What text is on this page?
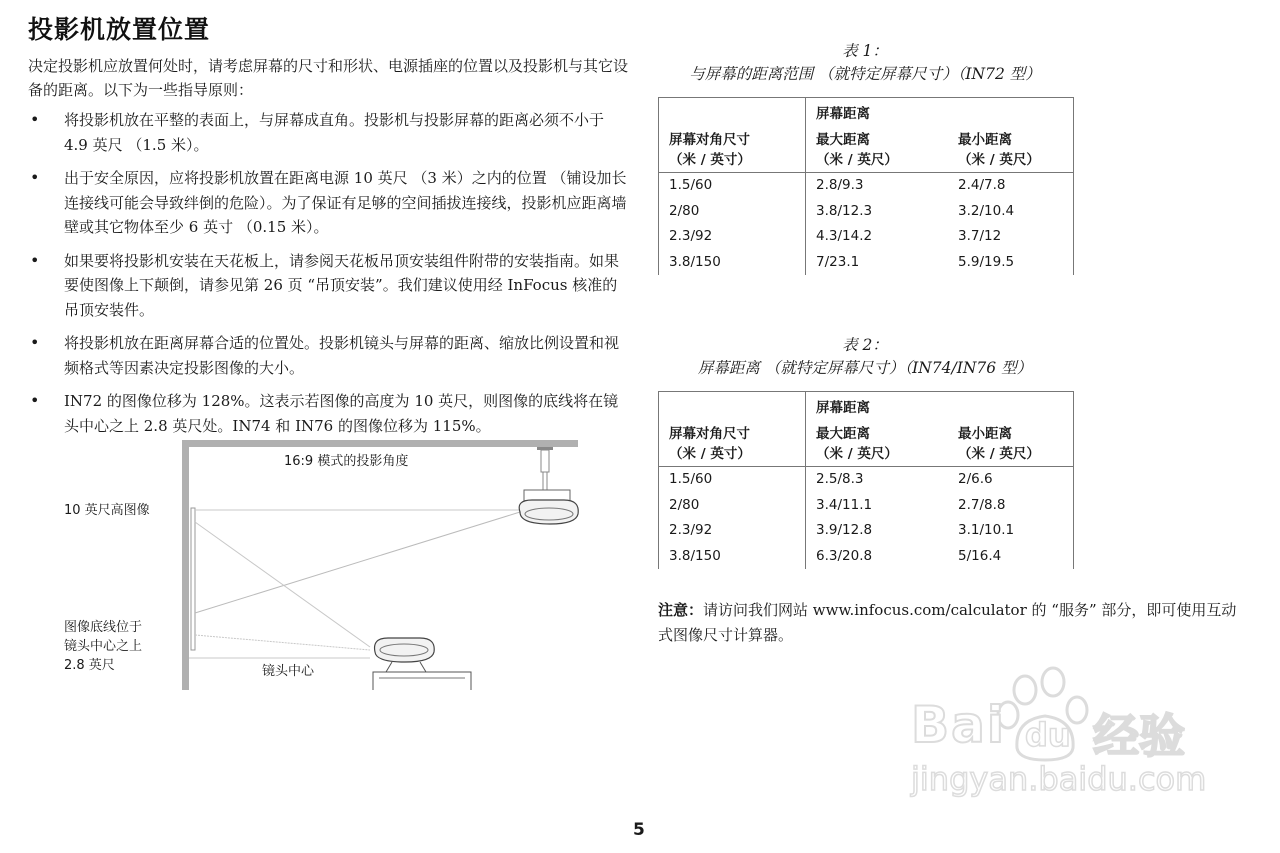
投影机放置位置
决定投影机应放置何处时，请考虑屏幕的尺寸和形状、电源插座的位置以及投影机与其它设备的距离。以下为一些指导原则：
• 将投影机放在平整的表面上，与屏幕成直角。投影机与投影屏幕的距离必须不小于 4.9 英尺 （1.5 米）。
• 出于安全原因，应将投影机放置在距离电源 10 英尺 （3 米）之内的位置 （铺设加长连接线可能会导致绊倒的危险）。为了保证有足够的空间插拔连接线，投影机应距离墙壁或其它物体至少 6 英寸 （0.15 米）。
• 如果要将投影机安装在天花板上，请参阅天花板吊顶安装组件附带的安装指南。如果要使图像上下颠倒，请参见第 26 页 “吊顶安装”。我们建议使用经 InFocus 核准的吊顶安装件。
• 将投影机放在距离屏幕合适的位置处。投影机镜头与屏幕的距离、缩放比例设置和视频格式等因素决定投影图像的大小。
• IN72 的图像位移为 128%。这表示若图像的高度为 10 英尺，则图像的底线将在镜头中心之上 2.8 英尺处。IN74 和 IN76 的图像位移为 115%。
16:9 模式的投影角度
10 英尺高图像
图像底线位于
镜头中心之上
2.8 英尺	镜头中心
表 1：
与屏幕的距离范围 （就特定屏幕尺寸）（IN72 型）
	屏幕距离	

屏幕对角尺寸
（米 / 英寸）

最大距离
（米 / 英尺）

最小距离
（米 / 英尺）

1.5/60	2.8/9.3	2.4/7.8
2/80	3.8/12.3	3.2/10.4
2.3/92	4.3/14.2	3.7/12
3.8/150	7/23.1	5.9/19.5
表 2：
屏幕距离 （就特定屏幕尺寸）（IN74/IN76 型）
	屏幕距离	

屏幕对角尺寸
（米 / 英寸）

最大距离
（米 / 英尺）

最小距离
（米 / 英尺）

1.5/60	2.5/8.3	2/6.6
2/80	3.4/11.1	2.7/8.8
2.3/92	3.9/12.8	3.1/10.1
3.8/150	6.3/20.8	5/16.4
注意：请访问我们网站 www.infocus.com/calculator 的 “服务” 部分，即可使用互动式图像尺寸计算器。
Bai du 经验
jingyan.baidu.com
5
